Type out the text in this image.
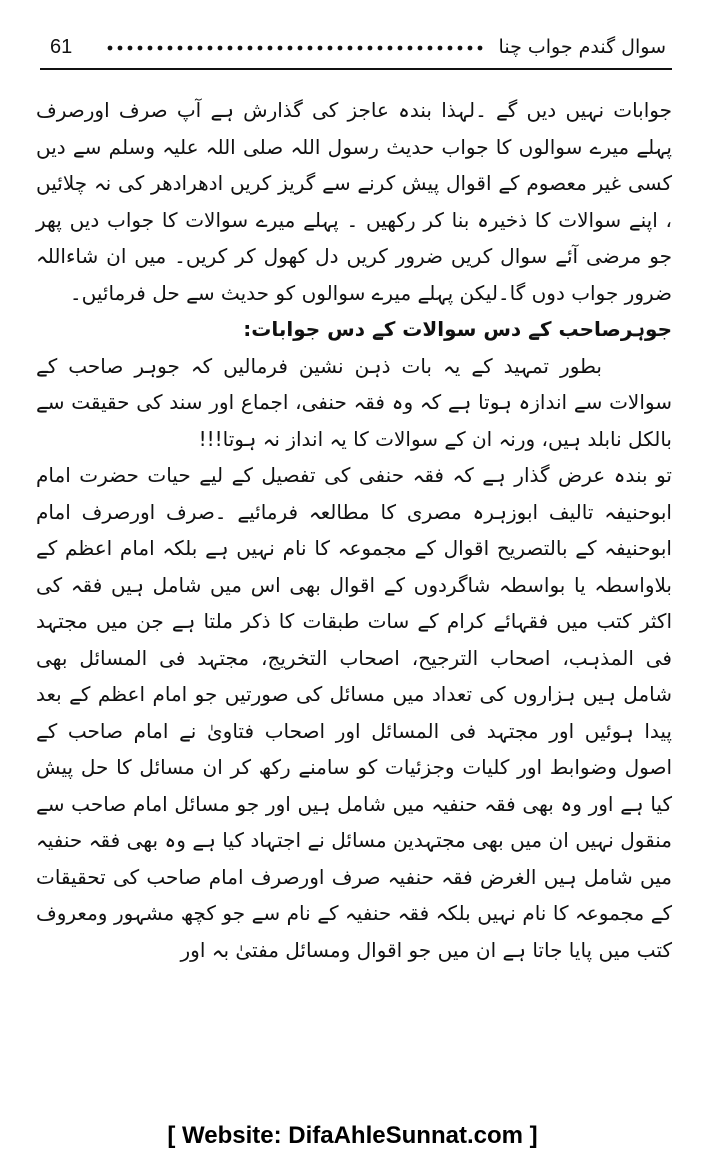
61	سوال گندم جواب چنا

جوابات نہیں دیں گے ۔لہذا بندہ عاجز کی گذارش ہے آپ صرف اورصرف پہلے میرے سوالوں کا جواب حدیث رسول اللہ صلی اللہ علیہ وسلم سے دیں کسی غیر معصوم کے اقوال پیش کرنے سے گریز کریں ادھرادھر کی نہ چلائیں ، اپنے سوالات کا ذخیرہ بنا کر رکھیں ۔ پہلے میرے سوالات کا جواب دیں پھر جو مرضی آئے سوال کریں ضرور کریں دل کھول کر کریں۔ میں ان شاءاللہ ضرور جواب دوں گا۔لیکن پہلے میرے سوالوں کو حدیث سے حل فرمائیں۔

جوہرصاحب کے دس سوالات کے دس جوابات:

بطور تمہید کے یہ بات ذہن نشین فرمالیں کہ جوہر صاحب کے سوالات سے اندازہ ہوتا ہے کہ وہ فقہ حنفی، اجماع اور سند کی حقیقت سے بالکل نابلد ہیں، ورنہ ان کے سوالات کا یہ انداز نہ ہوتا!!!

تو بندہ عرض گذار ہے کہ فقہ حنفی کی تفصیل کے لیے حیات حضرت امام ابوحنیفہ تالیف ابوزہرہ مصری کا مطالعہ فرمائیے ۔صرف اورصرف امام ابوحنیفہ کے بالتصریح اقوال کے مجموعہ کا نام نہیں ہے بلکہ امام اعظم کے بلاواسطہ یا بواسطہ شاگردوں کے اقوال بھی اس میں شامل ہیں فقہ کی اکثر کتب میں فقہائے کرام کے سات طبقات کا ذکر ملتا ہے جن میں مجتہد فی المذہب، اصحاب الترجیح، اصحاب التخریج، مجتہد فی المسائل بھی شامل ہیں ہزاروں کی تعداد میں مسائل کی صورتیں جو امام اعظم کے بعد پیدا ہوئیں اور مجتہد فی المسائل اور اصحاب فتاویٰ نے امام صاحب کے اصول وضوابط اور کلیات وجزئیات کو سامنے رکھ کر ان مسائل کا حل پیش کیا ہے اور وہ بھی فقہ حنفیہ میں شامل ہیں اور جو مسائل امام صاحب سے منقول نہیں ان میں بھی مجتہدین مسائل نے اجتہاد کیا ہے وہ بھی فقہ حنفیہ میں شامل ہیں الغرض فقہ حنفیہ صرف اورصرف امام صاحب کی تحقیقات کے مجموعہ کا نام نہیں بلکہ فقہ حنفیہ کے نام سے جو کچھ مشہور ومعروف کتب میں پایا جاتا ہے ان میں جو اقوال ومسائل مفتیٰ بہ اور

[ Website: DifaAhleSunnat.com ]
